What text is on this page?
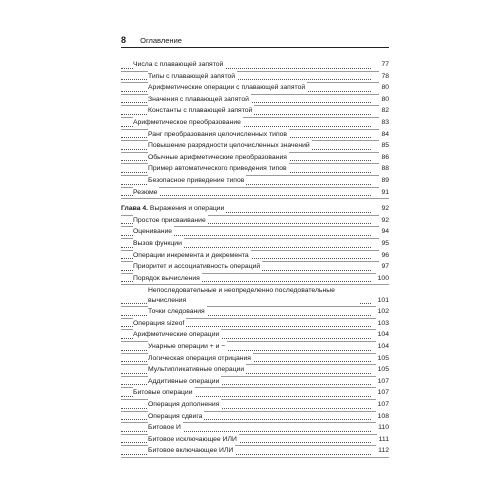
8 Оглавление
Числа с плавающей запятой	77
Типы с плавающей запятой	78
Арифметические операции с плавающей запятой	80
Значения с плавающей запятой	80
Константы с плавающей запятой	82
Арифметическое преобразование	83
Ранг преобразования целочисленных типов	84
Повышение разрядности целочисленных значений	85
Обычные арифметические преобразования	86
Пример автоматического приведения типов	88
Безопасное приведение типов	89
Резюме	91
Глава 4. Выражения и операции	92
Простое присваивание	92
Оценивание	94
Вызов функции	95
Операции инкремента и декремента	96
Приоритет и ассоциативность операций	97
Порядок вычисления	100
Непоследовательные и неопределенно последовательные вычисления	101
Точки следования	102
Операция sizeof	103
Арифметические операции	104
Унарные операции + и −	104
Логическая операция отрицания	105
Мультипликативные операции	105
Аддитивные операции	107
Битовые операции	107
Операция дополнения	107
Операция сдвига	108
Битовое И	110
Битовое исключающее ИЛИ	111
Битовое включающее ИЛИ	112
